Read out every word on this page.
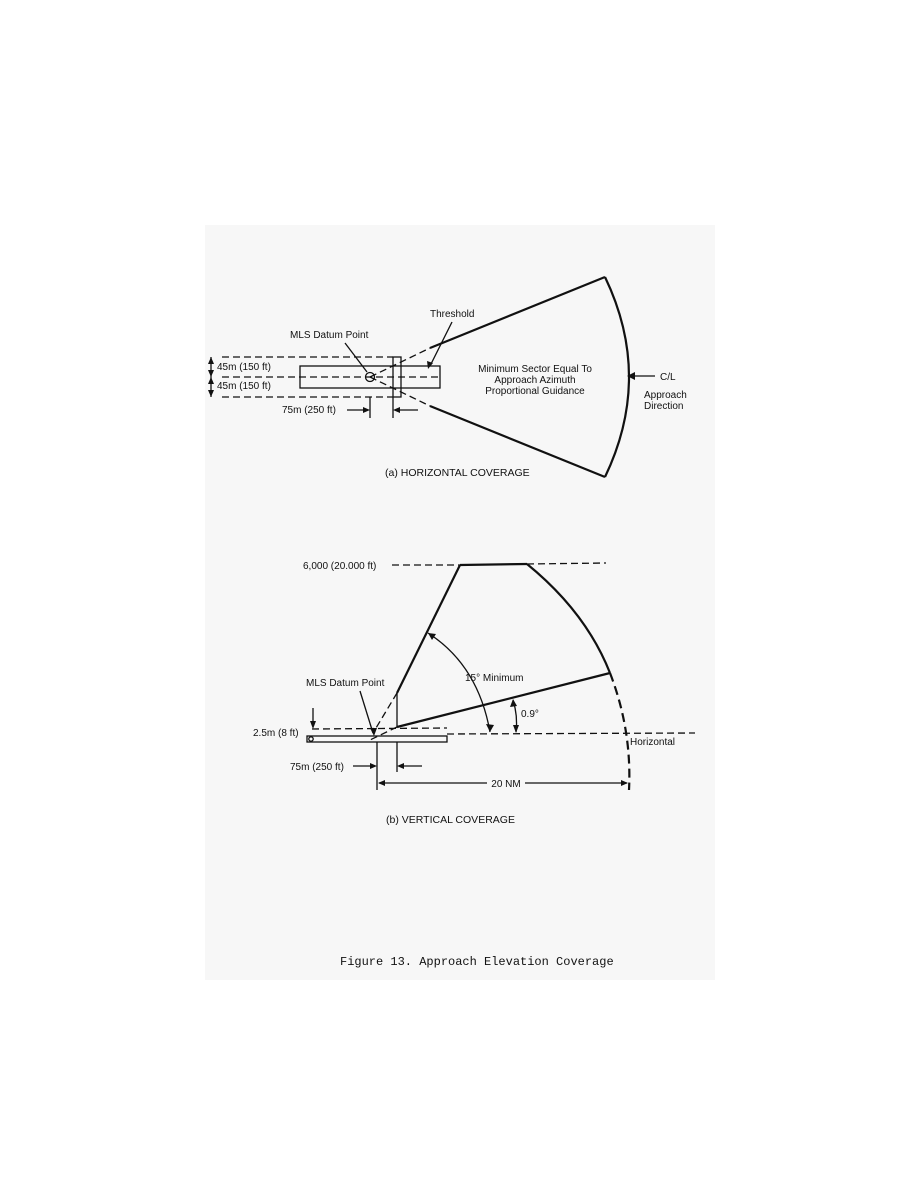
45m (150 ft)
45m (150 ft)
Threshold
MLS Datum Point
75m (250 ft)
Minimum Sector Equal To
Approach Azimuth
Proportional Guidance
C/L
Approach
Direction
(a) HORIZONTAL COVERAGE
6,000 (20.000 ft)
Horizontal
15° Minimum
0.9°
MLS Datum Point
2.5m (8 ft)
75m (250 ft)
20 NM
(b) VERTICAL COVERAGE
Figure 13. Approach Elevation Coverage
